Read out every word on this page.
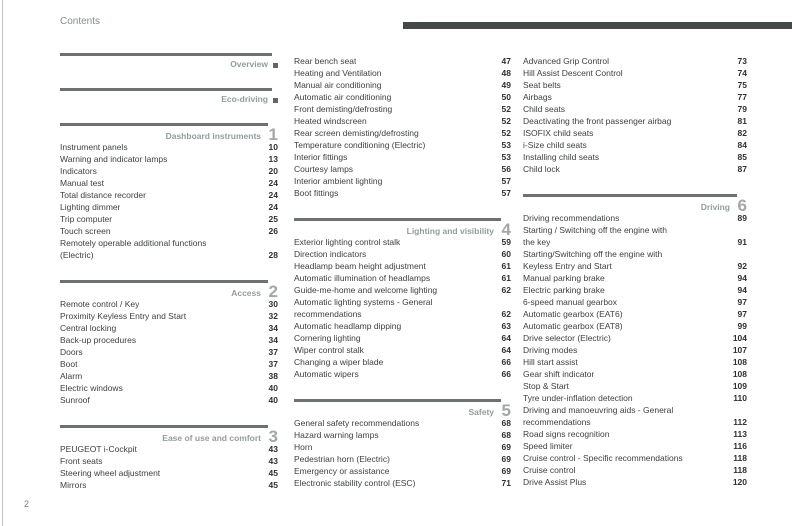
Contents
Overview
Eco-driving
Dashboard instruments 1
Instrument panels	10
Warning and indicator lamps	13
Indicators	20
Manual test	24
Total distance recorder	24
Lighting dimmer	24
Trip computer	25
Touch screen	26
Remotely operable additional functions
(Electric)	28
Access 2
Remote control / Key	30
Proximity Keyless Entry and Start	32
Central locking	34
Back-up procedures	34
Doors	37
Boot	37
Alarm	38
Electric windows	40
Sunroof	40
Ease of use and comfort 3
PEUGEOT i-Cockpit	43
Front seats	43
Steering wheel adjustment	45
Mirrors	45
Rear bench seat	47
Heating and Ventilation	48
Manual air conditioning	49
Automatic air conditioning	50
Front demisting/defrosting	52
Heated windscreen	52
Rear screen demisting/defrosting	52
Temperature conditioning (Electric)	53
Interior fittings	53
Courtesy lamps	56
Interior ambient lighting	57
Boot fittings	57
Lighting and visibility 4
Exterior lighting control stalk	59
Direction indicators	60
Headlamp beam height adjustment	61
Automatic illumination of headlamps	61
Guide-me-home and welcome lighting	62
Automatic lighting systems - General
recommendations	62
Automatic headlamp dipping	63
Cornering lighting	64
Wiper control stalk	64
Changing a wiper blade	66
Automatic wipers	66
Safety 5
General safety recommendations	68
Hazard warning lamps	68
Horn	69
Pedestrian horn (Electric)	69
Emergency or assistance	69
Electronic stability control (ESC)	71
Advanced Grip Control	73
Hill Assist Descent Control	74
Seat belts	75
Airbags	77
Child seats	79
Deactivating the front passenger airbag	81
ISOFIX child seats	82
i-Size child seats	84
Installing child seats	85
Child lock	87
Driving 6
Driving recommendations	89
Starting / Switching off the engine with
the key	91
Starting/Switching off the engine with
Keyless Entry and Start	92
Manual parking brake	94
Electric parking brake	94
6-speed manual gearbox	97
Automatic gearbox (EAT6)	97
Automatic gearbox (EAT8)	99
Drive selector (Electric)	104
Driving modes	107
Hill start assist	108
Gear shift indicator	108
Stop & Start	109
Tyre under-inflation detection	110
Driving and manoeuvring aids - General
recommendations	112
Road signs recognition	113
Speed limiter	116
Cruise control - Specific recommendations	118
Cruise control	118
Drive Assist Plus	120
2
